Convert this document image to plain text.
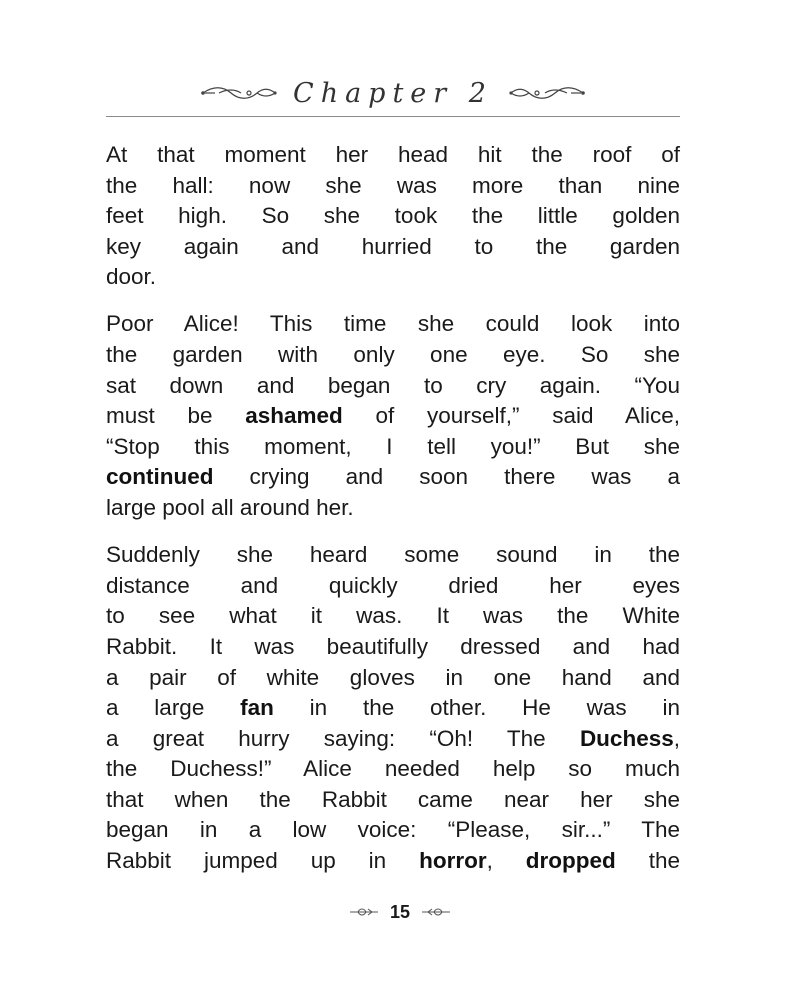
Chapter 2
At that moment her head hit the roof of
the hall: now she was more than nine
feet high. So she took the little golden
key again and hurried to the garden
door.
Poor Alice! This time she could look into
the garden with only one eye. So she
sat down and began to cry again. “You
must be ashamed of yourself,” said Alice,
“Stop this moment, I tell you!” But she
continued crying and soon there was a
large pool all around her.
Suddenly she heard some sound in the
distance and quickly dried her eyes
to see what it was. It was the White
Rabbit. It was beautifully dressed and had
a pair of white gloves in one hand and
a large fan in the other. He was in
a great hurry saying: “Oh! The Duchess,
the Duchess!” Alice needed help so much
that when the Rabbit came near her she
began in a low voice: “Please, sir...” The
Rabbit jumped up in horror, dropped the
15
